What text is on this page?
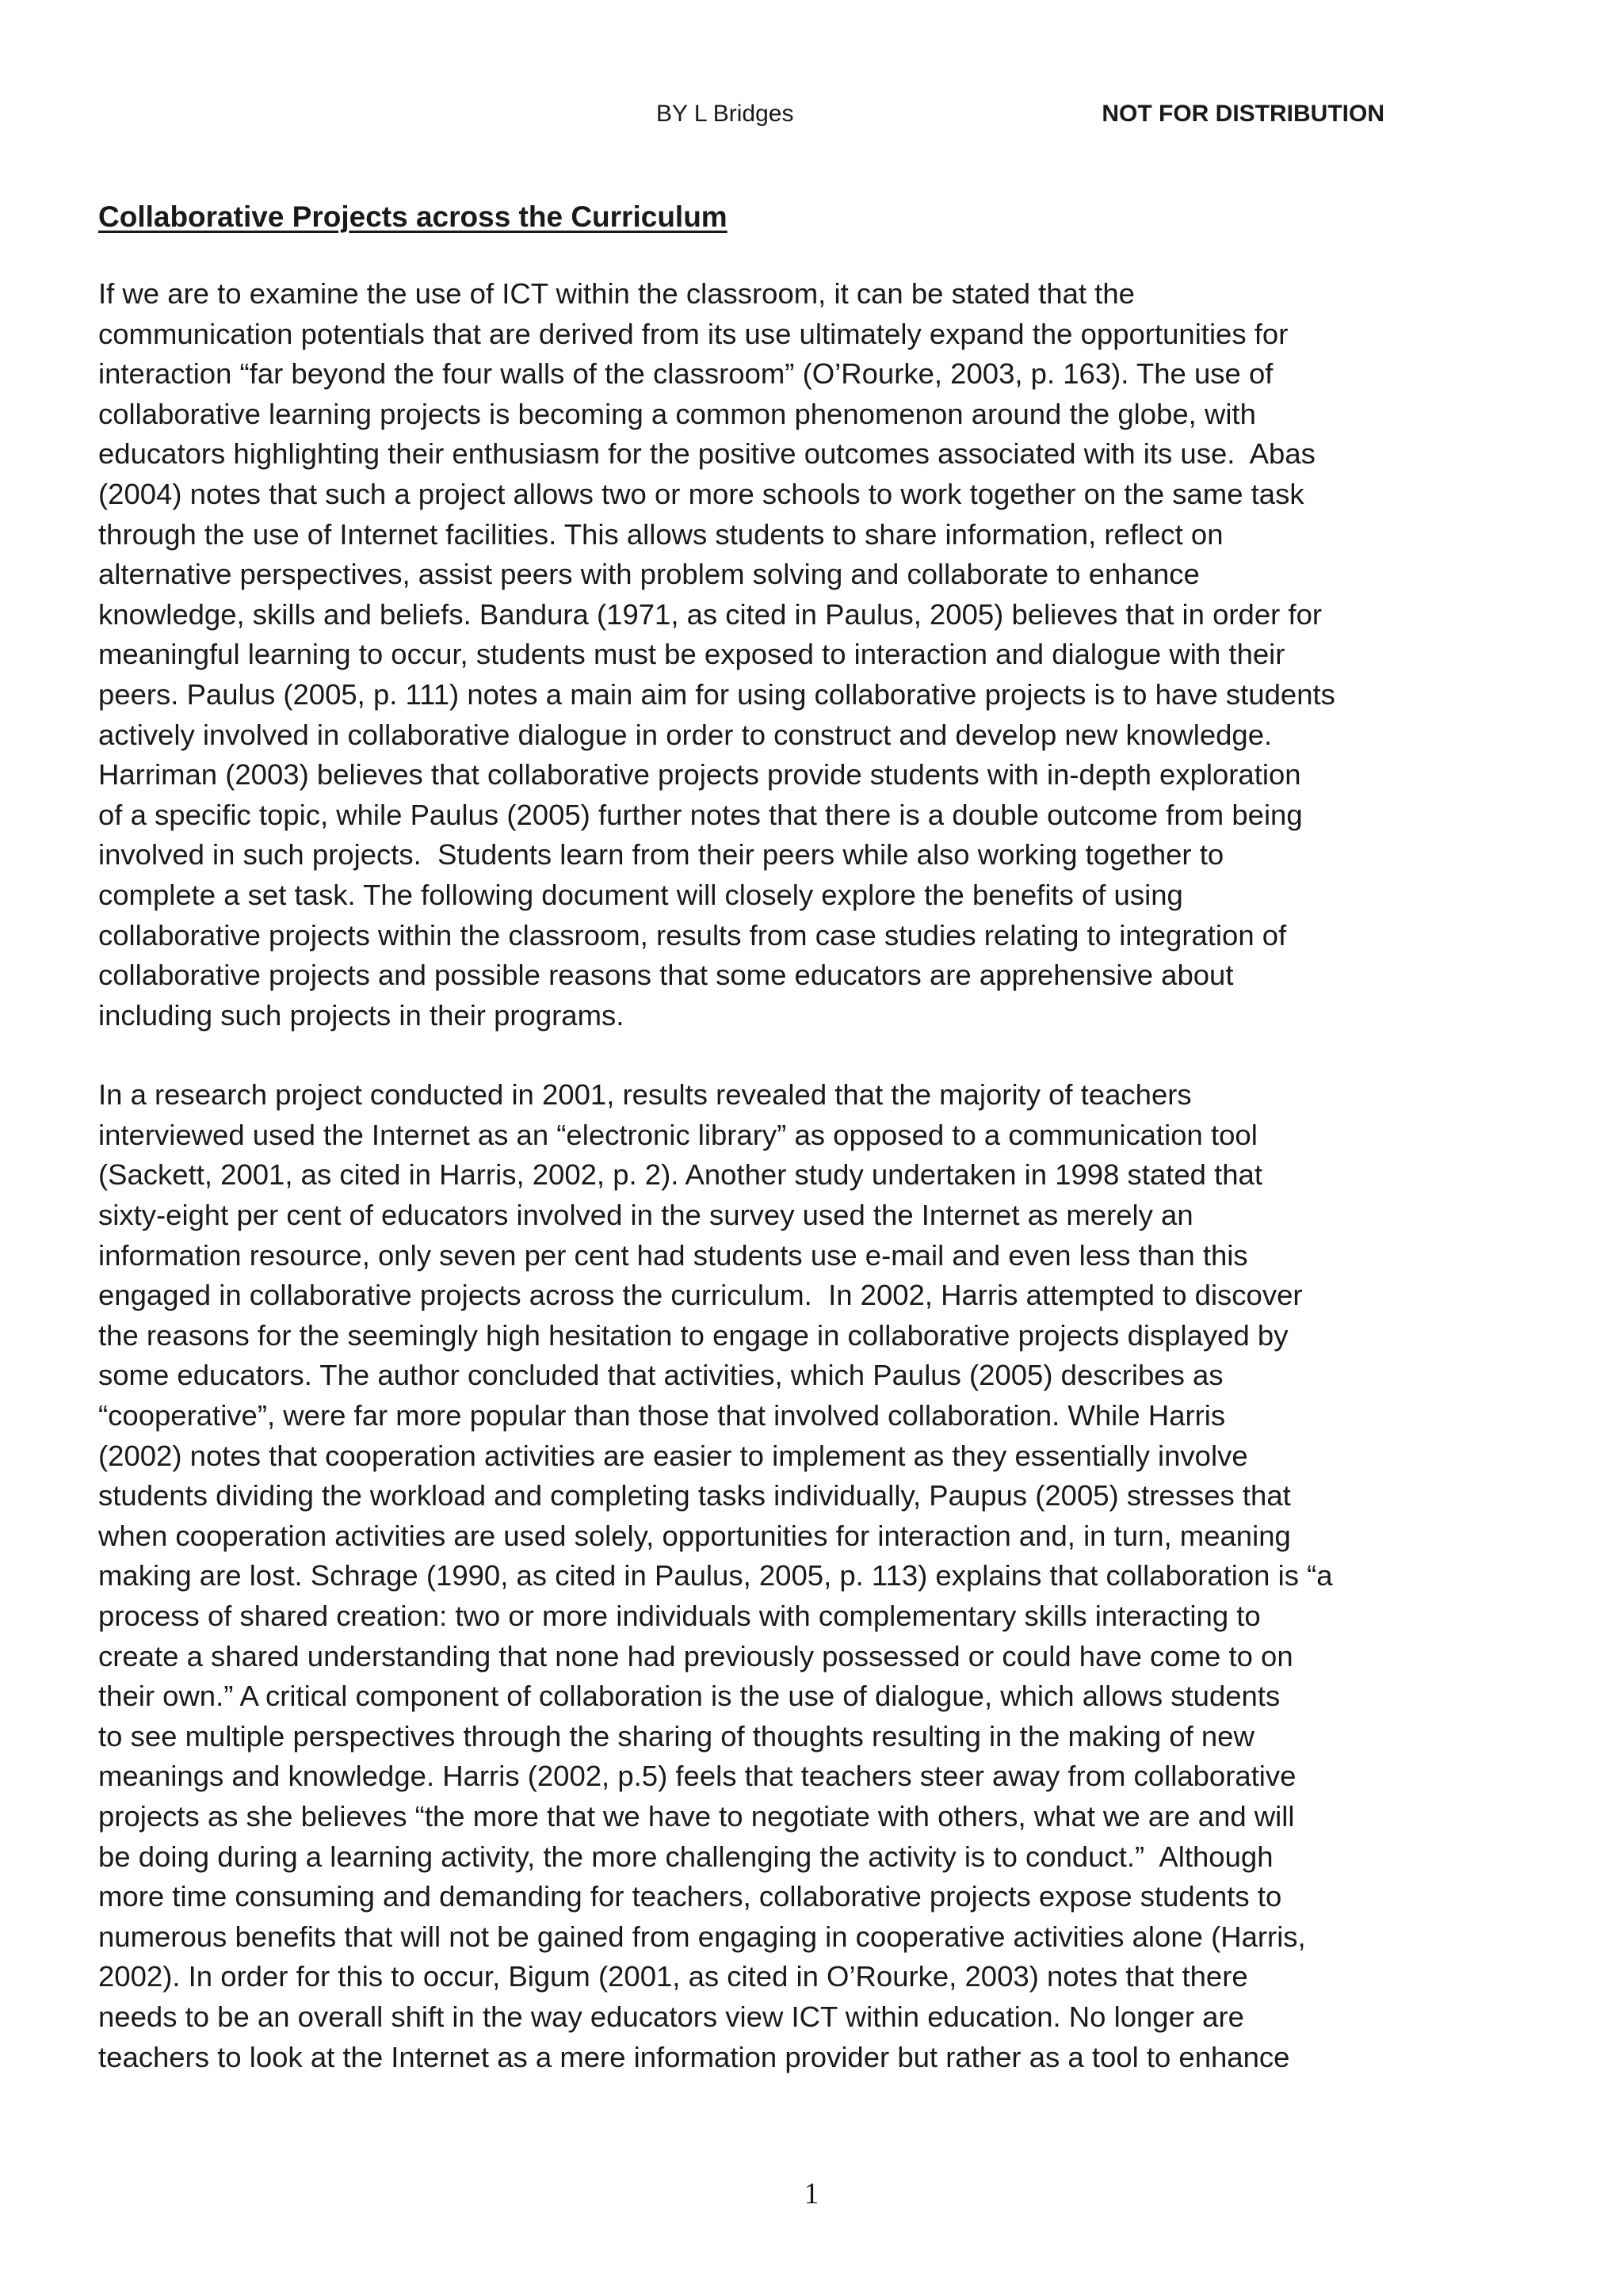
BY L Bridges	NOT FOR DISTRIBUTION
Collaborative Projects across the Curriculum

If we are to examine the use of ICT within the classroom, it can be stated that the
communication potentials that are derived from its use ultimately expand the opportunities for
interaction “far beyond the four walls of the classroom” (O’Rourke, 2003, p. 163). The use of
collaborative learning projects is becoming a common phenomenon around the globe, with
educators highlighting their enthusiasm for the positive outcomes associated with its use.  Abas
(2004) notes that such a project allows two or more schools to work together on the same task
through the use of Internet facilities. This allows students to share information, reflect on
alternative perspectives, assist peers with problem solving and collaborate to enhance
knowledge, skills and beliefs. Bandura (1971, as cited in Paulus, 2005) believes that in order for
meaningful learning to occur, students must be exposed to interaction and dialogue with their
peers. Paulus (2005, p. 111) notes a main aim for using collaborative projects is to have students
actively involved in collaborative dialogue in order to construct and develop new knowledge.
Harriman (2003) believes that collaborative projects provide students with in-depth exploration
of a specific topic, while Paulus (2005) further notes that there is a double outcome from being
involved in such projects.  Students learn from their peers while also working together to
complete a set task. The following document will closely explore the benefits of using
collaborative projects within the classroom, results from case studies relating to integration of
collaborative projects and possible reasons that some educators are apprehensive about
including such projects in their programs.

In a research project conducted in 2001, results revealed that the majority of teachers
interviewed used the Internet as an “electronic library” as opposed to a communication tool
(Sackett, 2001, as cited in Harris, 2002, p. 2). Another study undertaken in 1998 stated that
sixty-eight per cent of educators involved in the survey used the Internet as merely an
information resource, only seven per cent had students use e-mail and even less than this
engaged in collaborative projects across the curriculum.  In 2002, Harris attempted to discover
the reasons for the seemingly high hesitation to engage in collaborative projects displayed by
some educators. The author concluded that activities, which Paulus (2005) describes as
“cooperative”, were far more popular than those that involved collaboration. While Harris
(2002) notes that cooperation activities are easier to implement as they essentially involve
students dividing the workload and completing tasks individually, Paupus (2005) stresses that
when cooperation activities are used solely, opportunities for interaction and, in turn, meaning
making are lost. Schrage (1990, as cited in Paulus, 2005, p. 113) explains that collaboration is “a
process of shared creation: two or more individuals with complementary skills interacting to
create a shared understanding that none had previously possessed or could have come to on
their own.” A critical component of collaboration is the use of dialogue, which allows students
to see multiple perspectives through the sharing of thoughts resulting in the making of new
meanings and knowledge. Harris (2002, p.5) feels that teachers steer away from collaborative
projects as she believes “the more that we have to negotiate with others, what we are and will
be doing during a learning activity, the more challenging the activity is to conduct.”  Although
more time consuming and demanding for teachers, collaborative projects expose students to
numerous benefits that will not be gained from engaging in cooperative activities alone (Harris,
2002). In order for this to occur, Bigum (2001, as cited in O’Rourke, 2003) notes that there
needs to be an overall shift in the way educators view ICT within education. No longer are
teachers to look at the Internet as a mere information provider but rather as a tool to enhance

1
